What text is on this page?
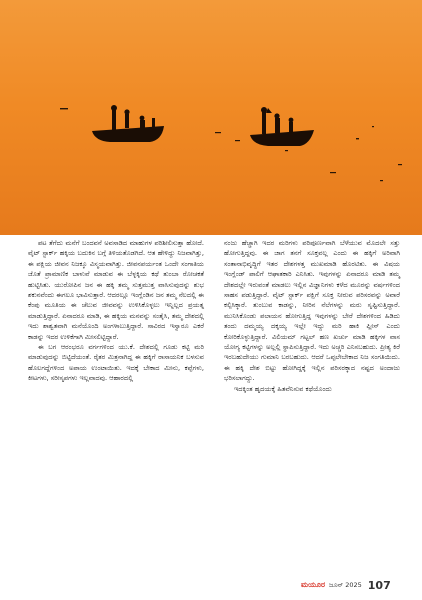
ಪಟ ತೆಗೆದು ಮನೆಗೆ ಬಂದವನೆ ಅವಸಾಡಿದ ಮಾಹುಗಳ ಪರಿಶೀಲಿಸುತ್ತಾ ಹೋದೆ. ವೈಟ್ ಸ್ಟಾರ್ಕ್ ಹಕ್ಕಿಯ ಬದುಕಿನ ಬಗ್ಗೆ ತಿಳಿಯತೊಡಗಿದೆ. ಆತ ಹೇಳಿದ್ದು ನಿಜವಾಗಿತ್ತು, ಈ ಪಕ್ಷಿಯ ಜೀವನ ನಿಜಕ್ಕೂ ವಿಸ್ಮಯವಾಗಿತ್ತು. ಜೀವನಪರ್ಯಂತ ಒಂದೇ ಸಂಗಾತಿಯ ಜೊತೆ ಪ್ರಾಮಾಣಿಕ ಬಾಳುವೆ ಮಾಡುವ ಈ ಬೆಳ್ಳಕ್ಕಿಯ ಕಥೆ ತುಂಬಾ ರೋಚಕತೆ ಹುಟ್ಟಿಸಿತು. ಯುರೋಪಿನ ಜನ ಈ ಹಕ್ಕಿ ತಮ್ಮ ಸುತ್ತಮುತ್ತ ವಾಸಿಸುವುದನ್ನು ಶುಭ ಶಕುನವೆಂದು ಈಗಲೂ ಭಾವಿಸುತ್ತಾರೆ. ಆದರಲ್ಲೂ ಇಂಗ್ಲೆಂಡಿನ ಜನ ತಮ್ಮ ನೆಲದಲ್ಲಿ ಈ ಕೆಂಪು ಮೂತಿಯ ಈ ಚೆಲುವ ಜೀವವನ್ನು ಉಳಿಸಿಕೊಳ್ಳಲು ಇನ್ನಿಲ್ಲದ ಪ್ರಯತ್ನ ಮಾಡುತ್ತಿದ್ದಾರೆ. ಏನಾದರೂ ಮಾಡಿ, ಈ ಹಕ್ಕಿಯ ಮನವನ್ನು ಸಂತೈಸಿ, ತಮ್ಮ ದೇಶದಲ್ಲಿ ಇದು ಶಾಶ್ವತವಾಗಿ ಮನೆಯೊಂದಿ ಅಂಗಳಾಬುತ್ತಿದ್ದಾರೆ. ಸಾವಿರದ ಇಸ್ವಾರೂ ಎಕರೆ ಕಾಡನ್ನು ಇದರ ಉಳಿಕೆಗಾಗಿ ಮೀಸಲಿಟ್ಟಿದ್ದಾರೆ.

ಈ ಬಗ ಆರಂಭರೂ ವರ್ಗಗಳಿಂದ ಯು.ಕೆ. ದೇಶದಲ್ಲಿ ಗೂಡು ಕಟ್ಟಿ ಮರಿ ಮಾಡುವುದನ್ನು ಬಿಟ್ಟಿದೆಯಂತೆ. ರೈತರ ಮಿತ್ರನಾಗಿದ್ದ ಈ ಹಕ್ಕಿಗೆ ರಾಸಾಯನಿಕ ಬಳಸುವ ಹೊಲಗದ್ದೆಗಳಿಂದ ಅಪಾಯ ಉಂಟಾಯಿತು. ಇದಕ್ಕೆ ಬೇಕಾದ ಮೀನು, ಕಪ್ಪೆಗಳು, ಕೀಟಗಳು, ಸರೀಸೃಪಗಳು ಇಲ್ಲವಾದವು. ಆಹಾರದಲ್ಲಿ

ನಂಜು ಹೆಚ್ಚಾಗಿ ಇದರ ಮರಿಗಳು ಪರಿಪೂರ್ಣವಾಗಿ ಬೆಳೆಯುವ ಮೊದಲೇ ಸತ್ತು ಹೋಗುತ್ತಿದ್ದವು. ಈ ಜಾಗ ತನಗೆ ಸೂಕ್ತವಲ್ಲ ಎಂದು ಈ ಹಕ್ಕಿಗೆ ಅರಿವಾಗಿ ಸಂತಾನಾಭಿವೃದ್ಧಿಗೆ ಇತರ ದೇಶಗಳತ್ತ ಮುಖಮಾಡಿ ಹೊರಟಿತು. ಈ ವಿಷಯ ಇಂಗ್ಲೆಂಡ್ ಪಾಲಿಗೆ ಆಘಾತಕಾರಿ ಎನಿಸಿತು. ಇವುಗಳನ್ನು ಏನಾದರೂ ಮಾಡಿ ತಮ್ಮ ದೇಶದಲ್ಲೇ ಇರುವಂತೆ ಮಾಡಲು ಇಲ್ಲಿನ ವಿಜ್ಞಾನಿಗಳು ಕಳೆದ ಮೂರನ್ನು ವರ್ಷಗಳಿಂದ ಸಾಹಸ ಪಡುತ್ತಿದ್ದಾರೆ. ವೈಟ್ ಸ್ಟಾರ್ಕ್ ಪಕ್ಷಿಗೆ ಸೂಕ್ತ ನೀರುವ ಪರಿಸರವನ್ನು ಅವಾರೆ ಕಲ್ಪಿಸಿಕ್ಕಾರೆ. ತುಂಬುವ ಕಾಡನ್ನು, ನೀರಿನ ನೆಲೆಗಳನ್ನು ಮರು ಸೃಷ್ಟಿಸುತ್ತಿದ್ದಾರೆ. ಮುನಿಸಿಕೊಂಡು ಪಲಾಯನ ಹೋಗುತ್ತಿದ್ದ ಇವುಗಳನ್ನು ಬೇರೆ ದೇಶಗಳಿಂದ ಹಿಡಿದು ತಂದು ದಮ್ಮಯ್ಯ ದಕ್ಕಯ್ಯ ಇಲ್ಲೇ ಇದ್ದು ಮರಿ ಹಾಕಿ ಪ್ಲೀಸ್ ಎಂದು ಕೋರಿಕೊಳ್ಳುತ್ತಿದ್ದಾರೆ. ವಿಲಿಯಮ್ ಗಟ್ಟಲ್ ಹಣ ಖರ್ಚು ಮಾಡಿ ಹಕ್ಕಿಗಳ ವಾಸ ಯೋಗ್ಯ ಕಟ್ಟಿಗಳನ್ನು ಅಲ್ಲಲ್ಲಿ ಸ್ಥಾಪಿಸುತ್ತಿದ್ದಾರೆ. ಇದು ಅಚ್ಚರಿ ಎನಿಸಬಹುದು. ಪ್ರೀತ್ಯ ಕಿರೆ ಇರಬಹುದೇಯು ಗುಮಾನಿ ಬರಬಹುದು. ಆದರೆ ಒಪ್ಪಲೇಬೇಕಾದ ನಿಜ ಸಂಗತಿಯಿದು. ಈ ಹಕ್ಕಿ ದೇಶ ಬಿಟ್ಟು ಹೋಗಿದ್ದಕ್ಕೆ ಇಲ್ಲಿನ ಪರಿಸರಕ್ಕಾದ ನಷ್ಟದ ಅಂದಾಜು ಭರಿಸಲಾಗದ್ದು.

ಇದಕ್ಕಿಂತ ಹೃದಯಕ್ಕೆ ಹಿತವೆನಿಸುವ ಕಥೆಯೊಂದು

ಮಯೂರ ಜೂನ್ 2025 107
